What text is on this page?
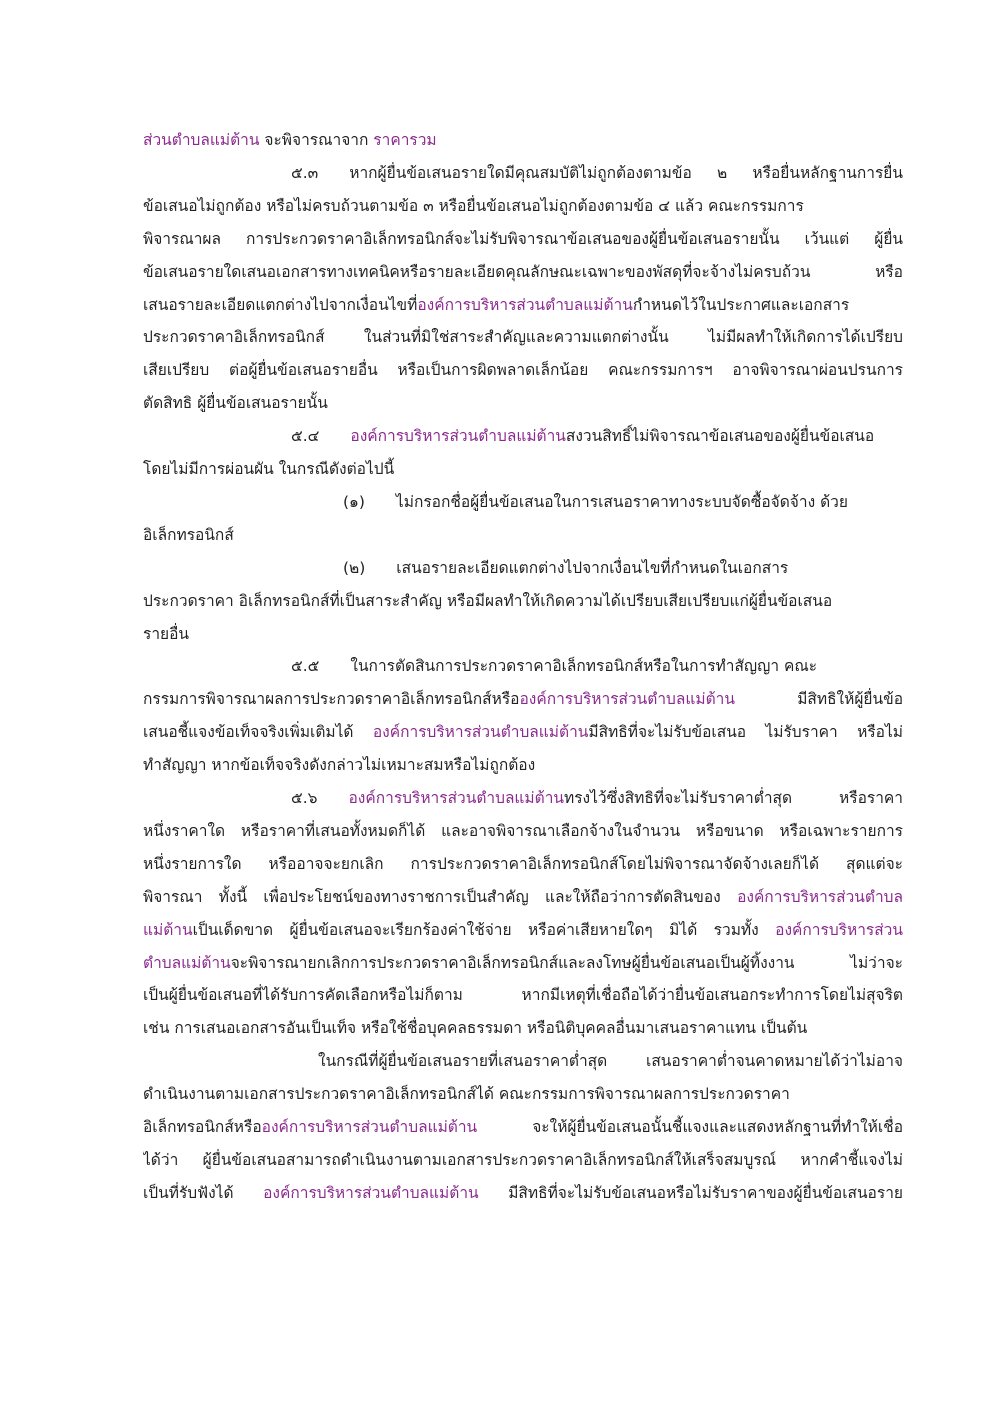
ส่วนตำบลแม่ต้าน จะพิจารณาจาก ราคารวม
๕.๓  หากผู้ยื่นข้อเสนอรายใดมีคุณสมบัติไม่ถูกต้องตามข้อ ๒ หรือยื่นหลักฐานการยื่น
ข้อเสนอไม่ถูกต้อง หรือไม่ครบถ้วนตามข้อ ๓ หรือยื่นข้อเสนอไม่ถูกต้องตามข้อ ๔ แล้ว คณะกรรมการ
พิจารณาผล การประกวดราคาอิเล็กทรอนิกส์จะไม่รับพิจารณาข้อเสนอของผู้ยื่นข้อเสนอรายนั้น เว้นแต่ ผู้ยื่น
ข้อเสนอรายใดเสนอเอกสารทางเทคนิคหรือรายละเอียดคุณลักษณะเฉพาะของพัสดุที่จะจ้างไม่ครบถ้วน หรือ
เสนอรายละเอียดแตกต่างไปจากเงื่อนไขที่องค์การบริหารส่วนตำบลแม่ต้านกำหนดไว้ในประกาศและเอกสาร
ประกวดราคาอิเล็กทรอนิกส์ ในส่วนที่มิใช่สาระสำคัญและความแตกต่างนั้น ไม่มีผลทำให้เกิดการได้เปรียบ
เสียเปรียบ ต่อผู้ยื่นข้อเสนอรายอื่น หรือเป็นการผิดพลาดเล็กน้อย คณะกรรมการฯ อาจพิจารณาผ่อนปรนการ
ตัดสิทธิ ผู้ยื่นข้อเสนอรายนั้น
๕.๔  องค์การบริหารส่วนตำบลแม่ต้านสงวนสิทธิ์ไม่พิจารณาข้อเสนอของผู้ยื่นข้อเสนอ
โดยไม่มีการผ่อนผัน ในกรณีดังต่อไปนี้
(๑)  ไม่กรอกชื่อผู้ยื่นข้อเสนอในการเสนอราคาทางระบบจัดซื้อจัดจ้าง ด้วย
อิเล็กทรอนิกส์
(๒)  เสนอรายละเอียดแตกต่างไปจากเงื่อนไขที่กำหนดในเอกสาร
ประกวดราคา อิเล็กทรอนิกส์ที่เป็นสาระสำคัญ หรือมีผลทำให้เกิดความได้เปรียบเสียเปรียบแก่ผู้ยื่นข้อเสนอ
รายอื่น
๕.๕  ในการตัดสินการประกวดราคาอิเล็กทรอนิกส์หรือในการทำสัญญา คณะ
กรรมการพิจารณาผลการประกวดราคาอิเล็กทรอนิกส์หรือองค์การบริหารส่วนตำบลแม่ต้าน มีสิทธิให้ผู้ยื่นข้อ
เสนอชี้แจงข้อเท็จจริงเพิ่มเติมได้ องค์การบริหารส่วนตำบลแม่ต้านมีสิทธิที่จะไม่รับข้อเสนอ ไม่รับราคา หรือไม่
ทำสัญญา หากข้อเท็จจริงดังกล่าวไม่เหมาะสมหรือไม่ถูกต้อง
๕.๖  องค์การบริหารส่วนตำบลแม่ต้านทรงไว้ซึ่งสิทธิที่จะไม่รับราคาต่ำสุด หรือราคา
หนึ่งราคาใด หรือราคาที่เสนอทั้งหมดก็ได้ และอาจพิจารณาเลือกจ้างในจำนวน หรือขนาด หรือเฉพาะรายการ
หนึ่งรายการใด หรืออาจจะยกเลิก การประกวดราคาอิเล็กทรอนิกส์โดยไม่พิจารณาจัดจ้างเลยก็ได้ สุดแต่จะ
พิจารณา ทั้งนี้ เพื่อประโยชน์ของทางราชการเป็นสำคัญ และให้ถือว่าการตัดสินของ องค์การบริหารส่วนตำบล
แม่ต้านเป็นเด็ดขาด ผู้ยื่นข้อเสนอจะเรียกร้องค่าใช้จ่าย หรือค่าเสียหายใดๆ มิได้ รวมทั้ง องค์การบริหารส่วน
ตำบลแม่ต้านจะพิจารณายกเลิกการประกวดราคาอิเล็กทรอนิกส์และลงโทษผู้ยื่นข้อเสนอเป็นผู้ทิ้งงาน ไม่ว่าจะ
เป็นผู้ยื่นข้อเสนอที่ได้รับการคัดเลือกหรือไม่ก็ตาม หากมีเหตุที่เชื่อถือได้ว่ายื่นข้อเสนอกระทำการโดยไม่สุจริต
เช่น การเสนอเอกสารอันเป็นเท็จ หรือใช้ชื่อบุคคลธรรมดา หรือนิติบุคคลอื่นมาเสนอราคาแทน เป็นต้น
ในกรณีที่ผู้ยื่นข้อเสนอรายที่เสนอราคาต่ำสุด เสนอราคาต่ำจนคาดหมายได้ว่าไม่อาจ
ดำเนินงานตามเอกสารประกวดราคาอิเล็กทรอนิกส์ได้ คณะกรรมการพิจารณาผลการประกวดราคา
อิเล็กทรอนิกส์หรือองค์การบริหารส่วนตำบลแม่ต้าน จะให้ผู้ยื่นข้อเสนอนั้นชี้แจงและแสดงหลักฐานที่ทำให้เชื่อ
ได้ว่า ผู้ยื่นข้อเสนอสามารถดำเนินงานตามเอกสารประกวดราคาอิเล็กทรอนิกส์ให้เสร็จสมบูรณ์ หากคำชี้แจงไม่
เป็นที่รับฟังได้ องค์การบริหารส่วนตำบลแม่ต้าน มีสิทธิที่จะไม่รับข้อเสนอหรือไม่รับราคาของผู้ยื่นข้อเสนอราย
